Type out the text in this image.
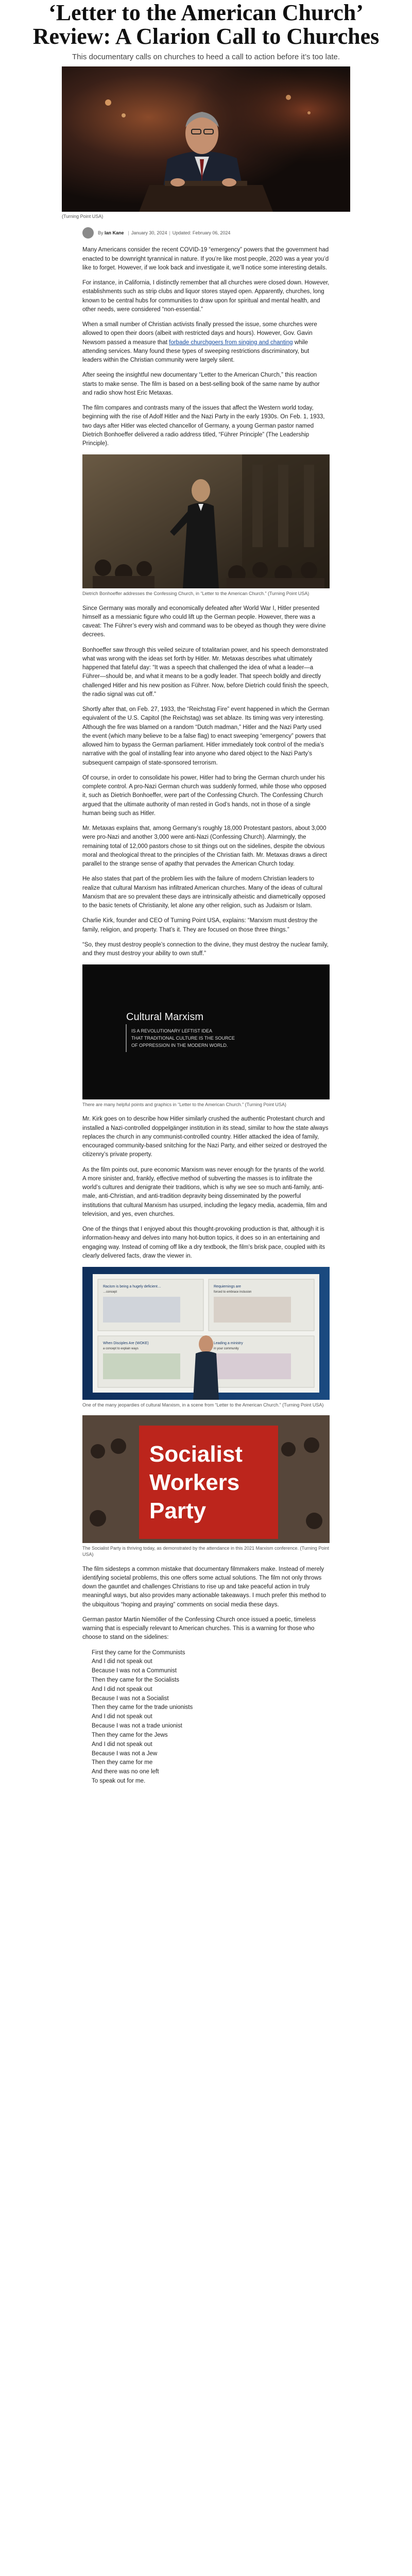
‘Letter to the American Church’ Review: A Clarion Call to Churches
This documentary calls on churches to heed a call to action before it’s too late.
(Turning Point USA)
By
Ian Kane | January 30, 2024 | Updated: February 06, 2024

Many Americans consider the recent COVID-19 “emergency” powers that the government had enacted to be downright tyrannical in nature. If you’re like most people, 2020 was a year you’d like to forget. However, if we look back and investigate it, we’ll notice some interesting details.

For instance, in California, I distinctly remember that all churches were closed down. However, establishments such as strip clubs and liquor stores stayed open. Apparently, churches, long known to be central hubs for communities to draw upon for spiritual and mental health, and other needs, were considered “non-essential.”

When a small number of Christian activists finally pressed the issue, some churches were allowed to open their doors (albeit with restricted days and hours). However, Gov. Gavin Newsom passed a measure that forbade churchgoers from singing and chanting while attending services. Many found these types of sweeping restrictions discriminatory, but leaders within the Christian community were largely silent.

After seeing the insightful new documentary “Letter to the American Church,” this reaction starts to make sense. The film is based on a best-selling book of the same name by author and radio show host Eric Metaxas.

The film compares and contrasts many of the issues that affect the Western world today, beginning with the rise of Adolf Hitler and the Nazi Party in the early 1930s. On Feb. 1, 1933, two days after Hitler was elected chancellor of Germany, a young German pastor named Dietrich Bonhoeffer delivered a radio address titled, “Führer Principle” (The Leadership Principle).

Dietrich Bonhoeffer addresses the Confessing Church, in “Letter to the American Church.” (Turning Point USA)

Since Germany was morally and economically defeated after World War I, Hitler presented himself as a messianic figure who could lift up the German people. However, there was a caveat: The Führer’s every wish and command was to be obeyed as though they were divine decrees.

Bonhoeffer saw through this veiled seizure of totalitarian power, and his speech demonstrated what was wrong with the ideas set forth by Hitler. Mr. Metaxas describes what ultimately happened that fateful day: “It was a speech that challenged the idea of what a leader—a Führer—should be, and what it means to be a godly leader. That speech boldly and directly challenged Hitler and his new position as Führer. Now, before Dietrich could finish the speech, the radio signal was cut off.”

Shortly after that, on Feb. 27, 1933, the “Reichstag Fire” event happened in which the German equivalent of the U.S. Capitol (the Reichstag) was set ablaze. Its timing was very interesting. Although the fire was blamed on a random “Dutch madman,” Hitler and the Nazi Party used the event (which many believe to be a false flag) to enact sweeping “emergency” powers that allowed him to bypass the German parliament. Hitler immediately took control of the media’s narrative with the goal of installing fear into anyone who dared object to the Nazi Party’s subsequent campaign of state-sponsored terrorism.

Of course, in order to consolidate his power, Hitler had to bring the German church under his complete control. A pro-Nazi German church was suddenly formed, while those who opposed it, such as Dietrich Bonhoeffer, were part of the Confessing Church. The Confessing Church argued that the ultimate authority of man rested in God’s hands, not in those of a single human being such as Hitler.

Mr. Metaxas explains that, among Germany’s roughly 18,000 Protestant pastors, about 3,000 were pro-Nazi and another 3,000 were anti-Nazi (Confessing Church). Alarmingly, the remaining total of 12,000 pastors chose to sit things out on the sidelines, despite the obvious moral and theological threat to the principles of the Christian faith. Mr. Metaxas draws a direct parallel to the strange sense of apathy that pervades the American Church today.

He also states that part of the problem lies with the failure of modern Christian leaders to realize that cultural Marxism has infiltrated American churches. Many of the ideas of cultural Marxism that are so prevalent these days are intrinsically atheistic and diametrically opposed to the basic tenets of Christianity, let alone any other religion, such as Judaism or Islam.

Charlie Kirk, founder and CEO of Turning Point USA, explains: “Marxism must destroy the family, religion, and property. That’s it. They are focused on those three things.”

“So, they must destroy people’s connection to the divine, they must destroy the nuclear family, and they must destroy your ability to own stuff.”

Cultural Marxism
IS A REVOLUTIONARY LEFTIST IDEA
THAT TRADITIONAL CULTURE IS THE SOURCE
OF OPPRESSION IN THE MODERN WORLD.
There are many helpful points and graphics in “Letter to the American Church.” (Turning Point USA)

Mr. Kirk goes on to describe how Hitler similarly crushed the authentic Protestant church and installed a Nazi-controlled doppelgänger institution in its stead, similar to how the state always replaces the church in any communist-controlled country. Hitler attacked the idea of family, encouraged community-based snitching for the Nazi Party, and either seized or destroyed the citizenry’s private property.

As the film points out, pure economic Marxism was never enough for the tyrants of the world. A more sinister and, frankly, effective method of subverting the masses is to infiltrate the world’s cultures and denigrate their traditions, which is why we see so much anti-family, anti-male, anti-Christian, and anti-tradition depravity being disseminated by the powerful institutions that cultural Marxism has usurped, including the legacy media, academia, film and television, and yes, even churches.

One of the things that I enjoyed about this thought-provoking production is that, although it is information-heavy and delves into many hot-button topics, it does so in an entertaining and engaging way. Instead of coming off like a dry textbook, the film’s brisk pace, coupled with its clearly delivered facts, draw the viewer in.

Racism is being a hugely deficient…
…concept
Requiemings are
forced to embrace inclusion
When Disciples Are (WOKE)
a concept to explain ways
Leading a ministry
in your community
One of the many jeopardies of cultural Marxism, in a scene from “Letter to the American Church.” (Turning Point USA)
Socialist
Workers
Party
The Socialist Party is thriving today, as demonstrated by the attendance in this 2021 Marxism conference. (Turning Point USA)

The film sidesteps a common mistake that documentary filmmakers make. Instead of merely identifying societal problems, this one offers some actual solutions. The film not only throws down the gauntlet and challenges Christians to rise up and take peaceful action in truly meaningful ways, but also provides many actionable takeaways. I much prefer this method to the ubiquitous “hoping and praying” comments on social media these days.

German pastor Martin Niemöller of the Confessing Church once issued a poetic, timeless warning that is especially relevant to American churches. This is a warning for those who choose to stand on the sidelines:

First they came for the Communists
And I did not speak out
Because I was not a Communist
Then they came for the Socialists
And I did not speak out
Because I was not a Socialist
Then they came for the trade unionists
And I did not speak out
Because I was not a trade unionist
Then they came for the Jews
And I did not speak out
Because I was not a Jew
Then they came for me
And there was no one left
To speak out for me.
